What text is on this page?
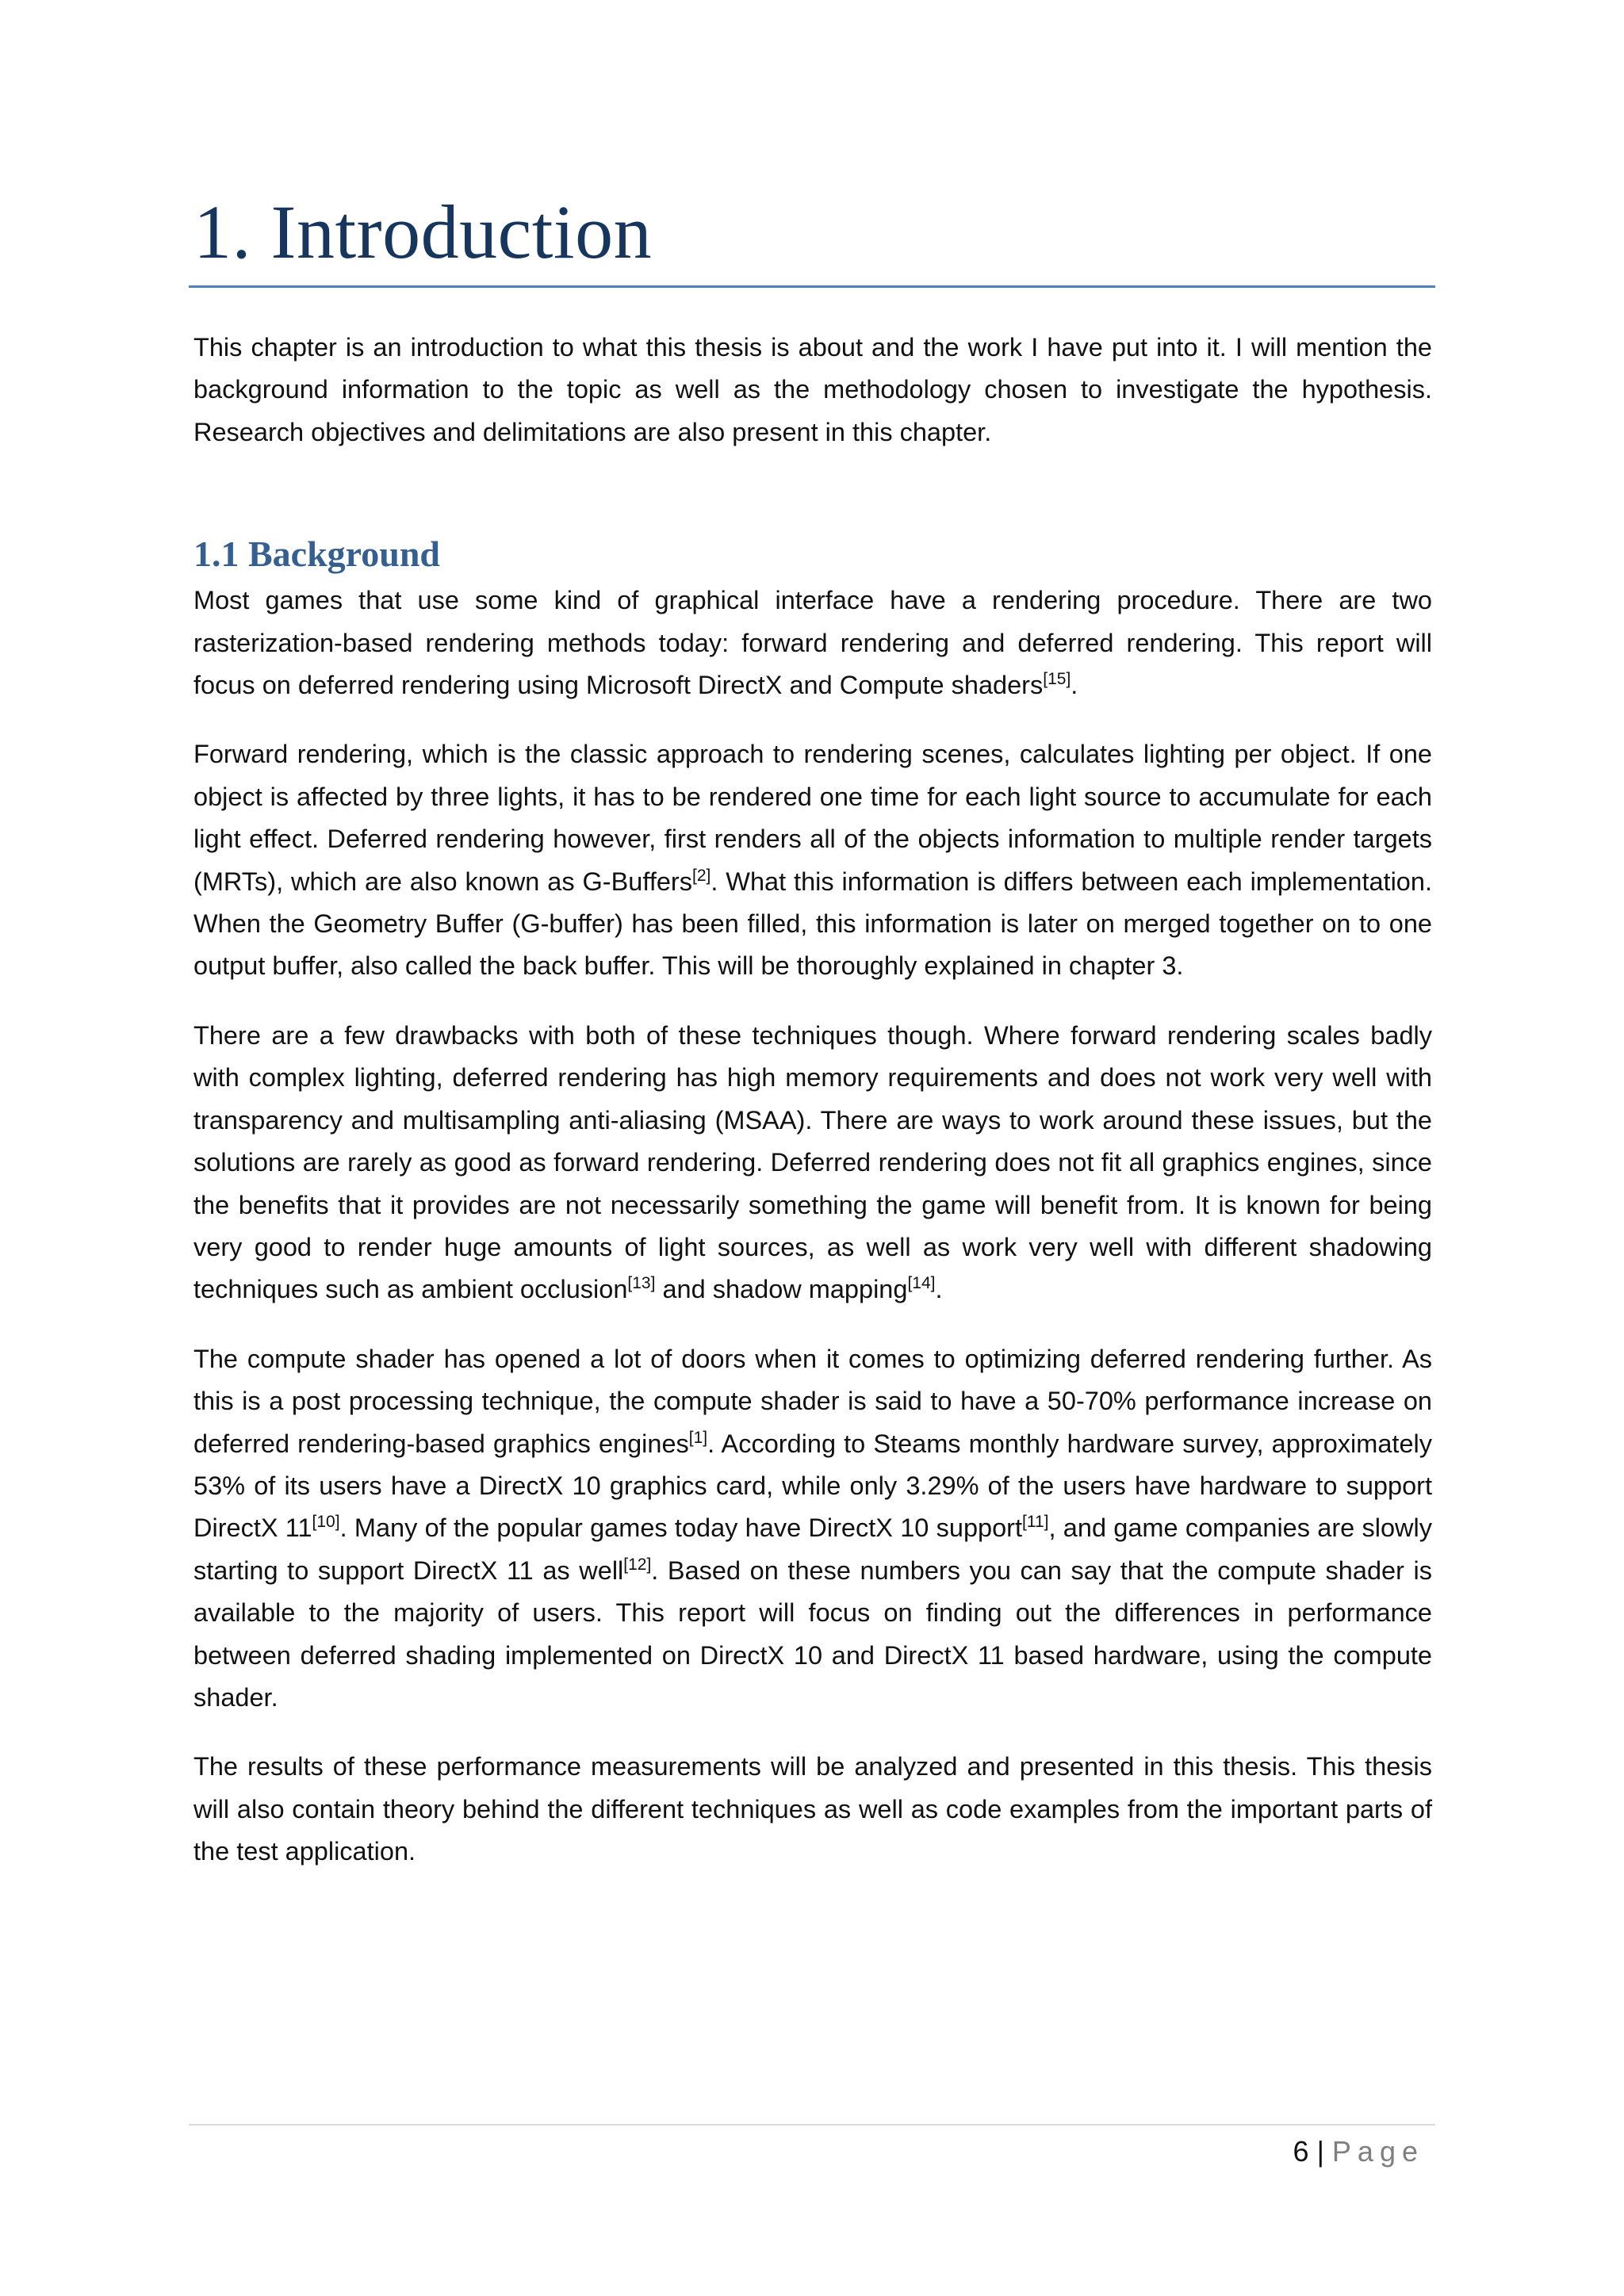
1. Introduction

This chapter is an introduction to what this thesis is about and the work I have put into it. I will mention the background information to the topic as well as the methodology chosen to investigate the hypothesis. Research objectives and delimitations are also present in this chapter.

1.1 Background

Most games that use some kind of graphical interface have a rendering procedure. There are two rasterization-based rendering methods today: forward rendering and deferred rendering. This report will focus on deferred rendering using Microsoft DirectX and Compute shaders[15].

Forward rendering, which is the classic approach to rendering scenes, calculates lighting per object. If one object is affected by three lights, it has to be rendered one time for each light source to accumulate for each light effect. Deferred rendering however, first renders all of the objects information to multiple render targets (MRTs), which are also known as G-Buffers[2]. What this information is differs between each implementation. When the Geometry Buffer (G-buffer) has been filled, this information is later on merged together on to one output buffer, also called the back buffer. This will be thoroughly explained in chapter 3.

There are a few drawbacks with both of these techniques though. Where forward rendering scales badly with complex lighting, deferred rendering has high memory requirements and does not work very well with transparency and multisampling anti-aliasing (MSAA). There are ways to work around these issues, but the solutions are rarely as good as forward rendering. Deferred rendering does not fit all graphics engines, since the benefits that it provides are not necessarily something the game will benefit from. It is known for being very good to render huge amounts of light sources, as well as work very well with different shadowing techniques such as ambient occlusion[13] and shadow mapping[14].

The compute shader has opened a lot of doors when it comes to optimizing deferred rendering further. As this is a post processing technique, the compute shader is said to have a 50-70% performance increase on deferred rendering-based graphics engines[1]. According to Steams monthly hardware survey, approximately 53% of its users have a DirectX 10 graphics card, while only 3.29% of the users have hardware to support DirectX 11[10]. Many of the popular games today have DirectX 10 support[11], and game companies are slowly starting to support DirectX 11 as well[12]. Based on these numbers you can say that the compute shader is available to the majority of users. This report will focus on finding out the differences in performance between deferred shading implemented on DirectX 10 and DirectX 11 based hardware, using the compute shader.

The results of these performance measurements will be analyzed and presented in this thesis. This thesis will also contain theory behind the different techniques as well as code examples from the important parts of the test application.

6 | Page
